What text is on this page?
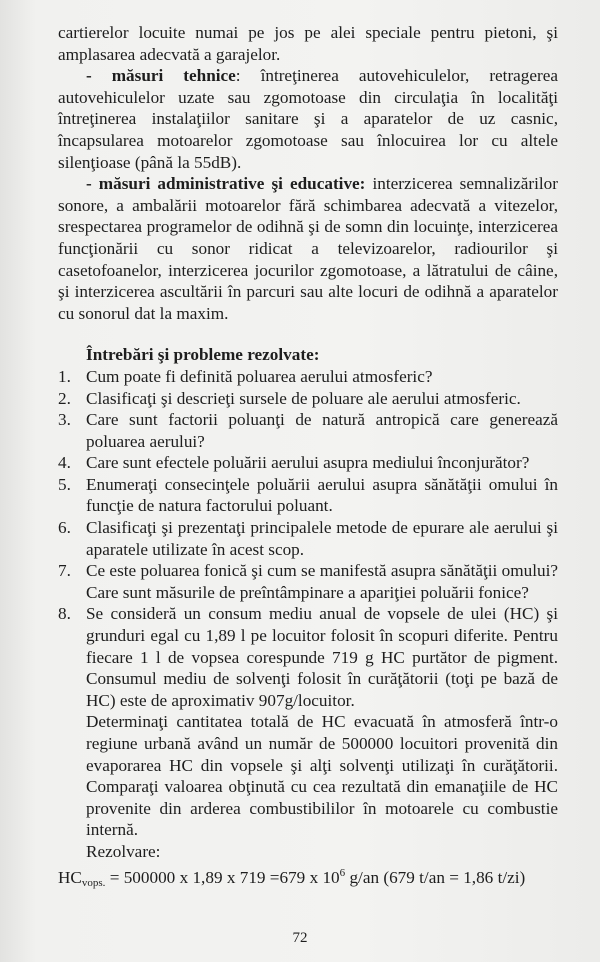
cartierelor locuite numai pe jos pe alei speciale pentru pietoni, şi amplasarea adecvată a garajelor.

- măsuri tehnice: întreţinerea autovehiculelor, retragerea autovehiculelor uzate sau zgomotoase din circulaţia în localităţi întreţinerea instalaţiilor sanitare şi a aparatelor de uz casnic, încapsularea motoarelor zgomotoase sau înlocuirea lor cu altele silenţioase (până la 55dB).

- măsuri administrative şi educative: interzicerea semnalizărilor sonore, a ambalării motoarelor fără schimbarea adecvată a vitezelor, srespectarea programelor de odihnă şi de somn din locuinţe, interzicerea funcţionării cu sonor ridicat a televizoarelor, radiourilor şi casetofoanelor, interzicerea jocurilor zgomotoase, a lătratului de câine, şi interzicerea ascultării în parcuri sau alte locuri de odihnă a aparatelor cu sonorul dat la maxim.

Întrebări şi probleme rezolvate:

1. Cum poate fi definită poluarea aerului atmosferic?
2. Clasificaţi şi descrieţi sursele de poluare ale aerului atmosferic.
3. Care sunt factorii poluanţi de natură antropică care generează poluarea aerului?
4. Care sunt efectele poluării aerului asupra mediului înconjurător?
5. Enumeraţi consecinţele poluării aerului asupra sănătăţii omului în funcţie de natura factorului poluant.
6. Clasificaţi şi prezentaţi principalele metode de epurare ale aerului şi aparatele utilizate în acest scop.
7. Ce este poluarea fonică şi cum se manifestă asupra sănătăţii omului? Care sunt măsurile de preîntâmpinare a apariţiei poluării fonice?
8. Se consideră un consum mediu anual de vopsele de ulei (HC) şi grunduri egal cu 1,89 l pe locuitor folosit în scopuri diferite. Pentru fiecare 1 l de vopsea corespunde 719 g HC purtător de pigment. Consumul mediu de solvenţi folosit în curăţătorii (toţi pe bază de HC) este de aproximativ 907g/locuitor.

Determinaţi cantitatea totală de HC evacuată în atmosferă într-o regiune urbană având un număr de 500000 locuitori provenită din evaporarea HC din vopsele şi alţi solvenţi utilizaţi în curăţătorii. Comparaţi valoarea obţinută cu cea rezultată din emanaţiile de HC provenite din arderea combustibililor în motoarele cu combustie internă.

Rezolvare:

HCvops. = 500000 x 1,89 x 719 =679 x $10^6$ g/an (679 t/an = 1,86 t/zi)

72
